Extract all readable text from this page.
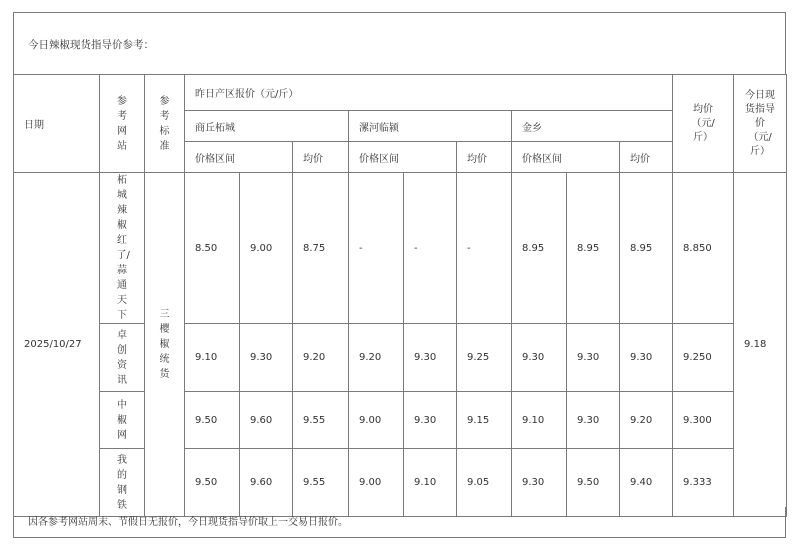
今日辣椒现货指导价参考：
日期	参考网站	参考标准	昨日产区报价（元/斤）									均价（元/斤）	今日现货指导价（元/斤）

			商丘柘城			漯河临颍			金乡				
			价格区间		均价	价格区间		均价	价格区间		均价		
2025/10/27	柘城辣椒红了/蒜通天下	三樱椒统货	8.50	9.00	8.75	-	-	-	8.95	8.95	8.95	8.850	9.18

	卓创资讯		9.10	9.30	9.20	9.20	9.30	9.25	9.30	9.30	9.30	9.250	

	中椒网		9.50	9.60	9.55	9.00	9.30	9.15	9.10	9.30	9.20	9.300	

	我的钢铁		9.50	9.60	9.55	9.00	9.10	9.05	9.30	9.50	9.40	9.333	
因各参考网站周末、节假日无报价，今日现货指导价取上一交易日报价。
